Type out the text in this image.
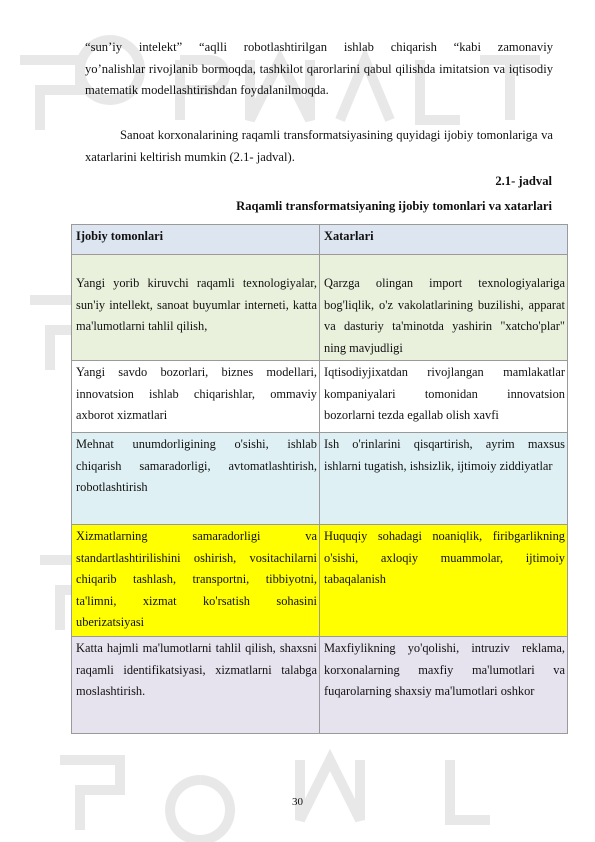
“sun’iy intelekt” “aqlli robotlashtirilgan ishlab chiqarish “kabi zamonaviy
yo’nalishlar rivojlanib bormoqda, tashkilot qarorlarini qabul qilishda imitatsion va iqtisodiy matematik modellashtirishdan foydalanilmoqda.
Sanoat korxonalarining raqamli transformatsiyasining quyidagi ijobiy tomonlariga va xatarlarini keltirish mumkin (2.1- jadval).
2.1- jadval
Raqamli transformatsiyaning ijobiy tomonlari va xatarlari
Ijobiy tomonlari	Xatarlari

Yangi yorib kiruvchi raqamli texnologiyalar, sun'iy intellekt, sanoat buyumlar interneti, katta ma'lumotlarni tahlil qilish,	Qarzga olingan import texnologiyalariga bog'liqlik, o'z vakolatlarining buzilishi, apparat va dasturiy ta'minotda yashirin "xatcho'plar" ning mavjudligi

Yangi savdo bozorlari, biznes modellari, innovatsion ishlab chiqarishlar, ommaviy axborot xizmatlari	Iqtisodiyjixatdan rivojlangan mamlakatlar kompaniyalari tomonidan innovatsion bozorlarni tezda egallab olish xavfi
Mehnat unumdorligining o'sishi, ishlab chiqarish samaradorligi, avtomatlashtirish, robotlashtirish	Ish o'rinlarini qisqartirish, ayrim maxsus ishlarni tugatish, ishsizlik, ijtimoiy ziddiyatlar
Xizmatlarning samaradorligi va standartlashtirilishini oshirish, vositachilarni chiqarib tashlash, transportni, tibbiyotni, ta'limni, xizmat ko'rsatish sohasini uberizatsiyasi	Huquqiy sohadagi noaniqlik, firibgarlikning o'sishi, axloqiy muammolar, ijtimoiy tabaqalanish
Katta hajmli ma'lumotlarni tahlil qilish, shaxsni raqamli identifikatsiyasi, xizmatlarni talabga moslashtirish.	Maxfiylikning yo'qolishi, intruziv reklama, korxonalarning maxfiy ma'lumotlari va fuqarolarning shaxsiy ma'lumotlari oshkor
30
